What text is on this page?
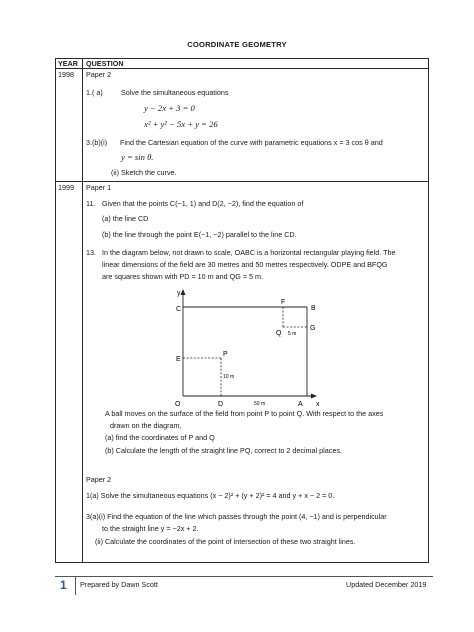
COORDINATE GEOMETRY
YEAR QUESTION
1998 Paper 2
1.( a)	Solve the simultaneous equations
y − 2x + 3 = 0
x² + y² − 5x + y = 26
3.(b)(i) Find the Cartesian equation of the curve with parametric equations x = 3 cos θ and
y = sin θ.
(ii) Sketch the curve.
1999 Paper 1
11. Given that the points C(−1, 1) and D(2, −2), find the equation of
(a) the line CD
(b) the line through the point E(−1, −2) parallel to the line CD.
13. In the diagram below, not drawn to scale, OABC is a horizontal rectangular playing field. The
linear dimensions of the field are 30 metres and 50 metres respectively. ODPE and BFQG
are squares shown with PD = 10 m and QG = 5 m.
y
x
C	B
F
G
Q 5 m
E
P
10 m
O	D	50 m	A
A ball moves on the surface of the field from point P to point Q. With respect to the axes
drawn on the diagram,
(a) find the coordinates of P and Q
(b) Calculate the length of the straight line PQ, correct to 2 decimal places.
Paper 2
1(a) Solve the simultaneous equations (x − 2)² + (y + 2)² = 4 and y + x − 2 = 0.
3(a)(i) Find the equation of the line which passes through the point (4, −1) and is perpendicular
to the straight line y = −2x + 2.
(ii) Calculate the coordinates of the point of intersection of these two straight lines.
1 Prepared by Dawn Scott	Updated December 2019
